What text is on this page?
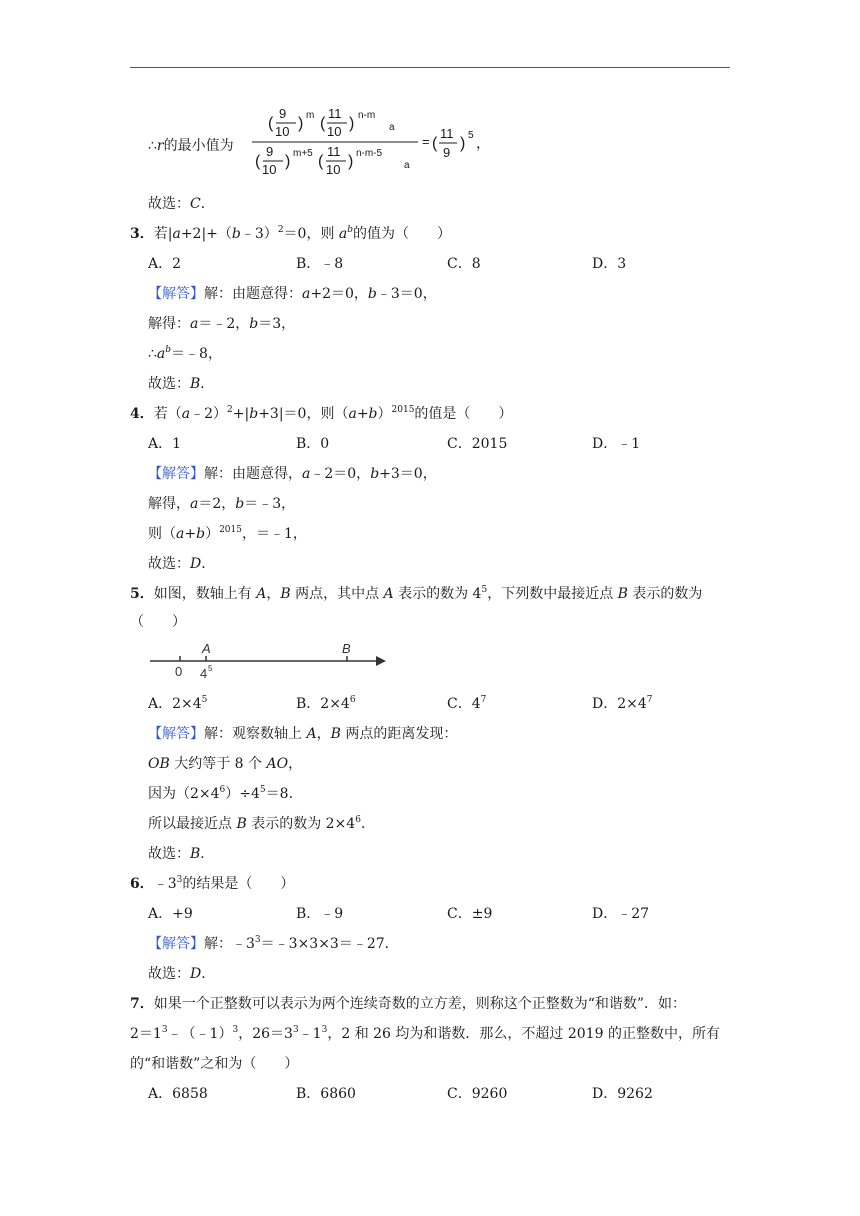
∴r的最小值为
(
9
10 ) m (
11
10 ) n-m
a
(
9
10 ) m+5 (
11
10 ) n-m-5
a
= (
11
9
) 5 ，
故选：C．
3．若|a+2|+（b﹣3）$^2$＝0，则 $a^b$的值为（　　）
A．2	B．﹣8	C．8	D．3
【解答】解：由题意得：a+2＝0，b﹣3＝0，
解得：a＝﹣2，b＝3，
$\therefore a^b=﹣8$，
故选：B．
4．若（a﹣2）$^2$+|b+3|＝0，则$(a+b)^{2015}$的值是（　　）
A．1	B．0	C．2015	D．﹣1
【解答】解：由题意得，a﹣2＝0，b+3＝0，
解得，a＝2，b＝﹣3，
则$(a+b)^{2015}$，＝﹣1，
故选：D．
5．如图，数轴上有 A，B 两点，其中点 A 表示的数为 $4^5$，下列数中最接近点 B 表示的数为
（　　）
0
A
4 5
B
A．$2\times 4^5$	B．$2\times 4^6$	C．$4^7$	D．$2\times 4^7$
【解答】解：观察数轴上 A，B 两点的距离发现：
OB 大约等于 8 个 AO，
因为$(2\times 4^6)\div 4^5=8$．
所以最接近点 B 表示的数为 $2\times 4^6$．
故选：B．
6．$﹣3^3$的结果是（　　）
A．+9	B．﹣9	C．±9	D．﹣27
【解答】解：$﹣3^3=﹣3\times 3\times 3=﹣27$．
故选：D．
7．如果一个正整数可以表示为两个连续奇数的立方差，则称这个正整数为“和谐数”．如：
$2=1^3﹣(﹣1)^3$，$26=3^3﹣1^3$，2 和 26 均为和谐数．那么，不超过 2019 的正整数中，所有
的“和谐数”之和为（　　）
A．6858	B．6860	C．9260	D．9262
